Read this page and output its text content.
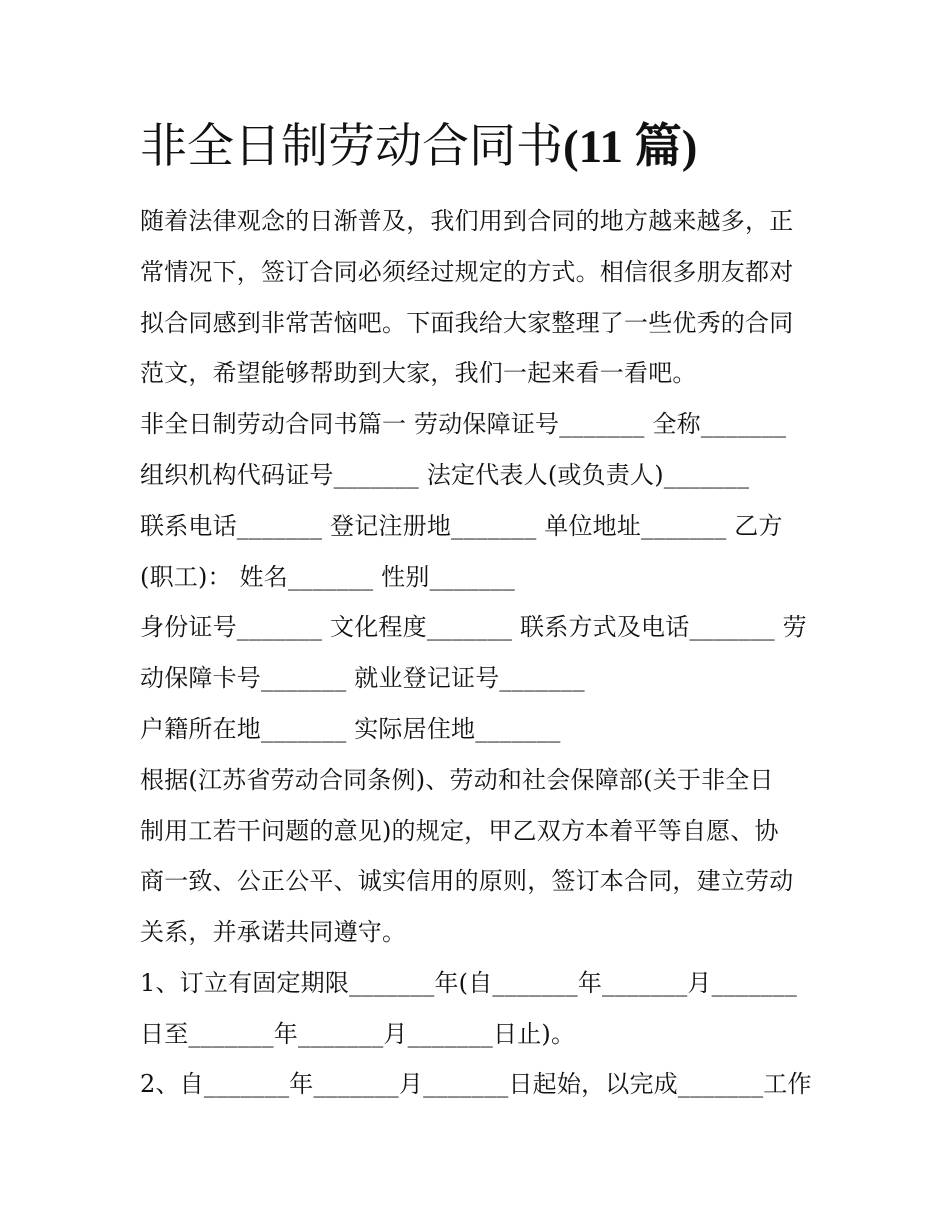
非全日制劳动合同书(11 篇)
随着法律观念的日渐普及，我们用到合同的地方越来越多，正
常情况下，签订合同必须经过规定的方式。相信很多朋友都对
拟合同感到非常苦恼吧。下面我给大家整理了一些优秀的合同
范文，希望能够帮助到大家，我们一起来看一看吧。
非全日制劳动合同书篇一 劳动保障证号_______ 全称_______
组织机构代码证号_______ 法定代表人(或负责人)_______
联系电话_______ 登记注册地_______ 单位地址_______ 乙方
(职工)： 姓名_______ 性别_______
身份证号_______ 文化程度_______ 联系方式及电话_______ 劳
动保障卡号_______ 就业登记证号_______
户籍所在地_______ 实际居住地_______
根据(江苏省劳动合同条例)、劳动和社会保障部(关于非全日
制用工若干问题的意见)的规定，甲乙双方本着平等自愿、协
商一致、公正公平、诚实信用的原则，签订本合同，建立劳动
关系，并承诺共同遵守。
1、订立有固定期限_______年(自_______年_______月_______
日至_______年_______月_______日止)。
2、自_______年_______月_______日起始，以完成_______工作
